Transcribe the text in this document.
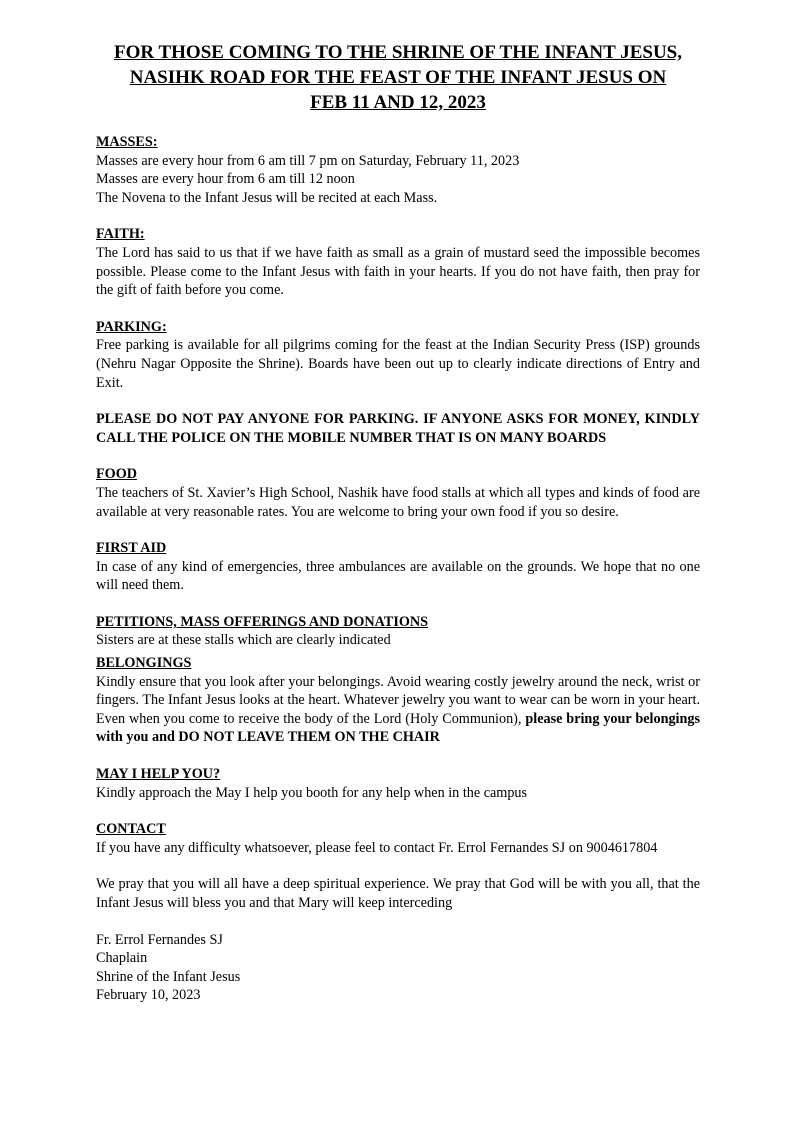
FOR THOSE COMING TO THE SHRINE OF THE INFANT JESUS,
NASIHK ROAD FOR THE FEAST OF THE INFANT JESUS ON
FEB 11 AND 12, 2023
MASSES:
Masses are every hour from 6 am till 7 pm on Saturday, February 11, 2023
Masses are every hour from 6 am till 12 noon
The Novena to the Infant Jesus will be recited at each Mass.
FAITH:
The Lord has said to us that if we have faith as small as a grain of mustard seed the impossible becomes possible. Please come to the Infant Jesus with faith in your hearts. If you do not have faith, then pray for the gift of faith before you come.
PARKING:
Free parking is available for all pilgrims coming for the feast at the Indian Security Press (ISP) grounds (Nehru Nagar Opposite the Shrine). Boards have been out up to clearly indicate directions of Entry and Exit.
PLEASE DO NOT PAY ANYONE FOR PARKING. IF ANYONE ASKS FOR MONEY, KINDLY CALL THE POLICE ON THE MOBILE NUMBER THAT IS ON MANY BOARDS
FOOD
The teachers of St. Xavier’s High School, Nashik have food stalls at which all types and kinds of food are available at very reasonable rates. You are welcome to bring your own food if you so desire.
FIRST AID
In case of any kind of emergencies, three ambulances are available on the grounds. We hope that no one will need them.
PETITIONS, MASS OFFERINGS AND DONATIONS
Sisters are at these stalls which are clearly indicated
BELONGINGS
Kindly ensure that you look after your belongings. Avoid wearing costly jewelry around the neck, wrist or fingers. The Infant Jesus looks at the heart. Whatever jewelry you want to wear can be worn in your heart. Even when you come to receive the body of the Lord (Holy Communion), please bring your belongings with you and DO NOT LEAVE THEM ON THE CHAIR
MAY I HELP YOU?
Kindly approach the May I help you booth for any help when in the campus
CONTACT
If you have any difficulty whatsoever, please feel to contact Fr. Errol Fernandes SJ on 9004617804
We pray that you will all have a deep spiritual experience. We pray that God will be with you all, that the Infant Jesus will bless you and that Mary will keep interceding
Fr. Errol Fernandes SJ
Chaplain
Shrine of the Infant Jesus
February 10, 2023
